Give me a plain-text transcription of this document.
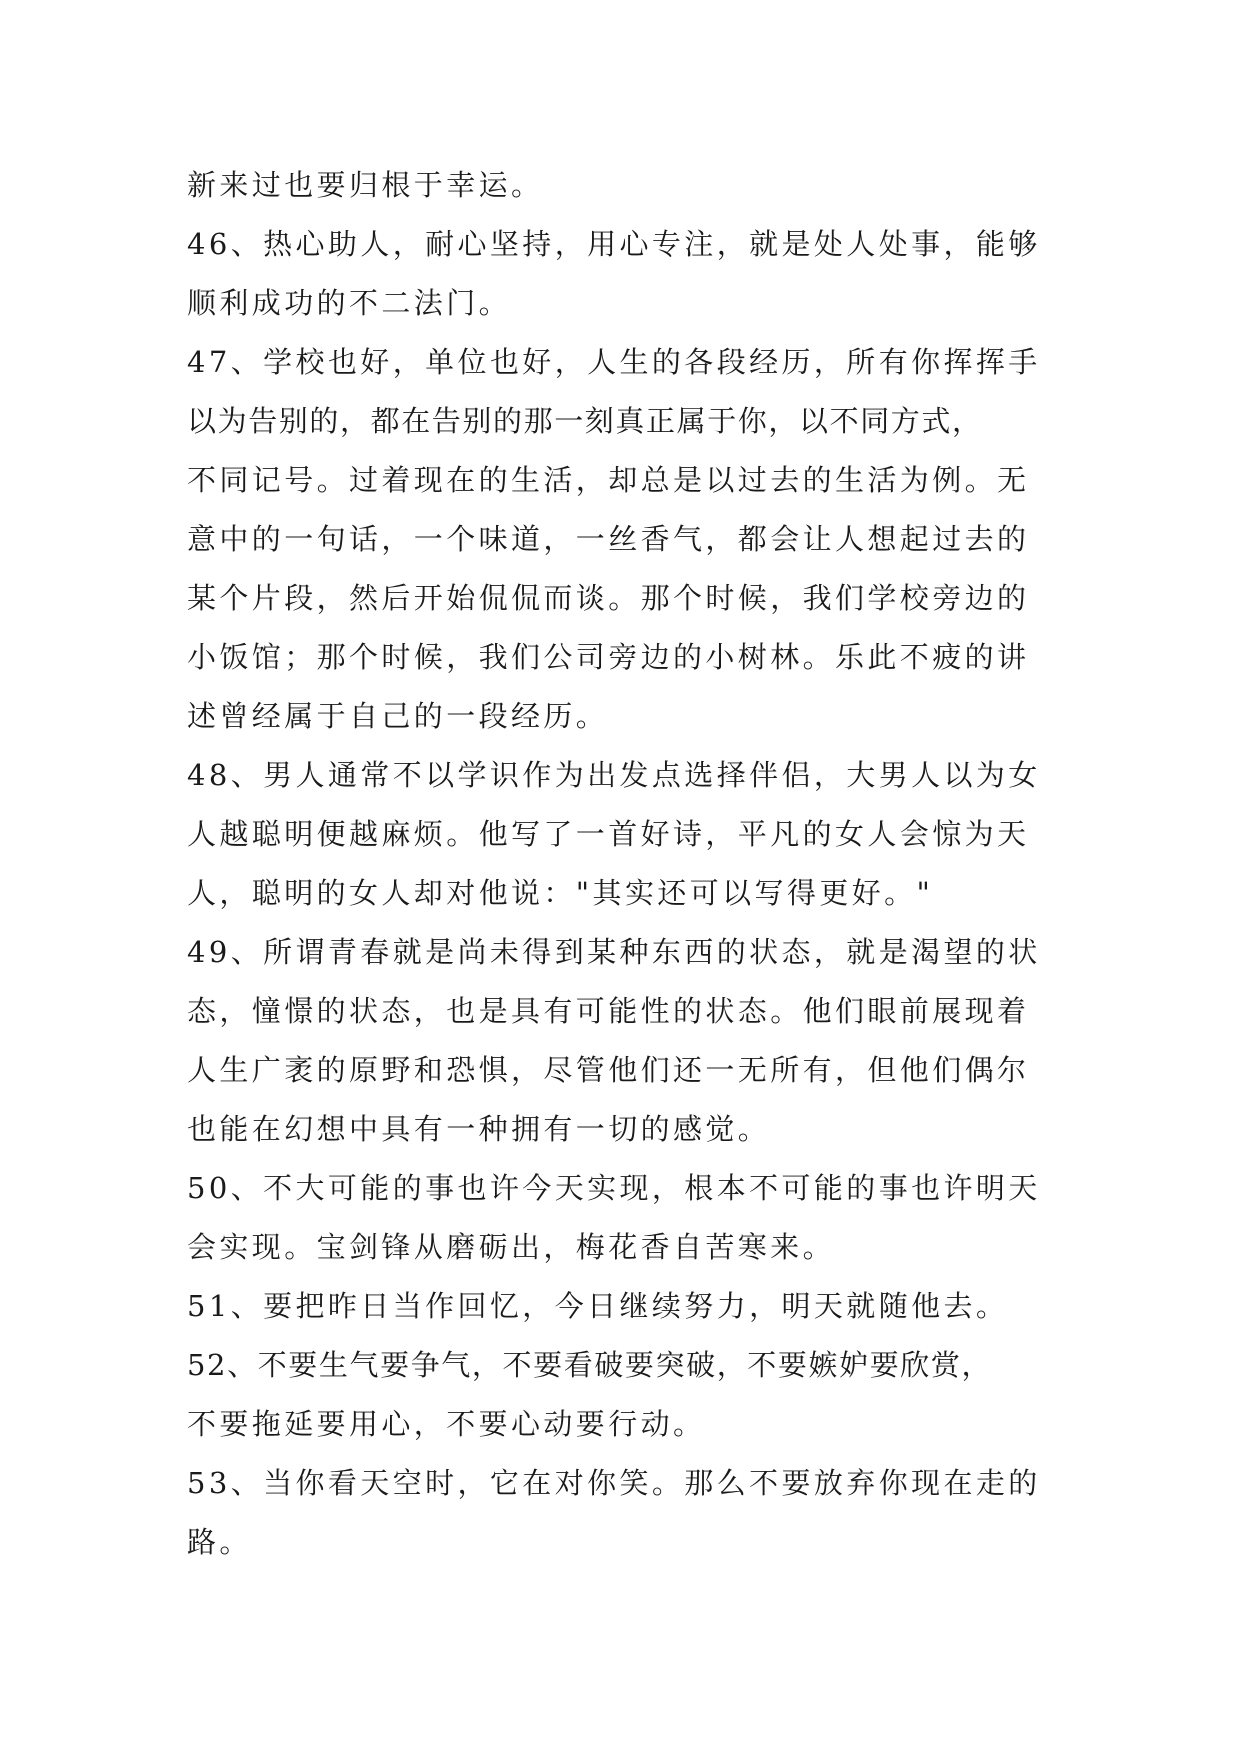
新来过也要归根于幸运。
46、热心助人，耐心坚持，用心专注，就是处人处事，能够
顺利成功的不二法门。
47、学校也好，单位也好，人生的各段经历，所有你挥挥手
以为告别的，都在告别的那一刻真正属于你，以不同方式，
不同记号。过着现在的生活，却总是以过去的生活为例。无
意中的一句话，一个味道，一丝香气，都会让人想起过去的
某个片段，然后开始侃侃而谈。那个时候，我们学校旁边的
小饭馆；那个时候，我们公司旁边的小树林。乐此不疲的讲
述曾经属于自己的一段经历。
48、男人通常不以学识作为出发点选择伴侣，大男人以为女
人越聪明便越麻烦。他写了一首好诗，平凡的女人会惊为天
人，聪明的女人却对他说："其实还可以写得更好。"
49、所谓青春就是尚未得到某种东西的状态，就是渴望的状
态，憧憬的状态，也是具有可能性的状态。他们眼前展现着
人生广袤的原野和恐惧，尽管他们还一无所有，但他们偶尔
也能在幻想中具有一种拥有一切的感觉。
50、不大可能的事也许今天实现，根本不可能的事也许明天
会实现。宝剑锋从磨砺出，梅花香自苦寒来。
51、要把昨日当作回忆，今日继续努力，明天就随他去。
52、不要生气要争气，不要看破要突破，不要嫉妒要欣赏，
不要拖延要用心，不要心动要行动。
53、当你看天空时，它在对你笑。那么不要放弃你现在走的
路。
